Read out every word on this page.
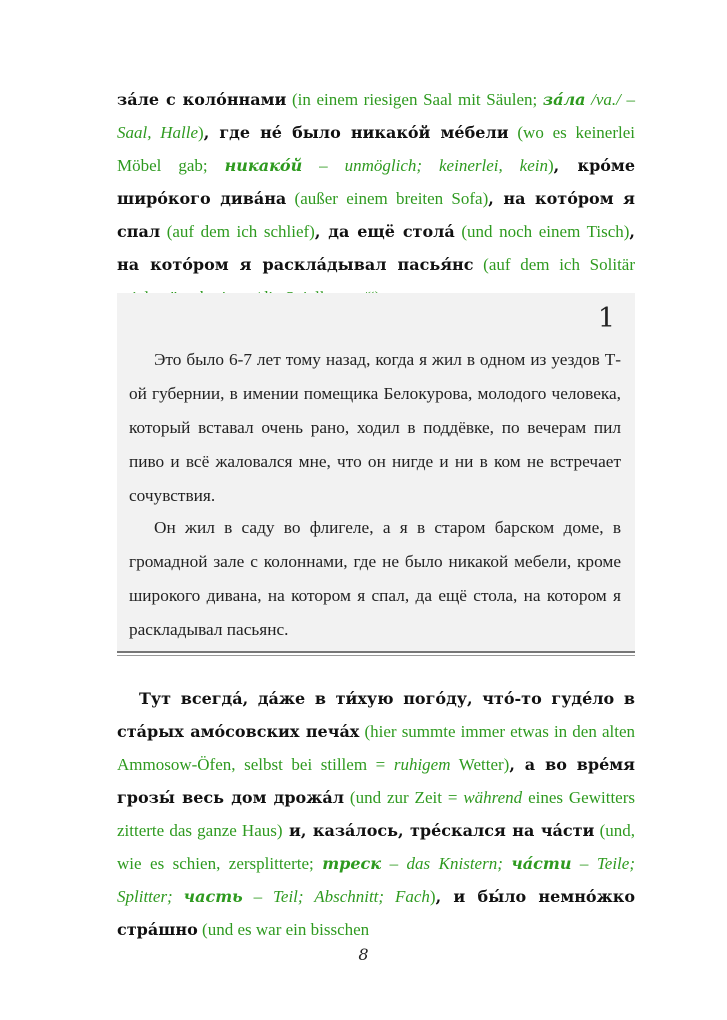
за́ле с коло́ннами (in einem riesigen Saal mit Säulen; за́ла /va./ – Saal, Halle), где не́ было никако́й ме́бели (wo es keinerlei Möbel gab; никако́й – unmöglich; keinerlei, kein), кро́ме широ́кого дива́на (außer einem breiten Sofa), на кото́ром я спал (auf dem ich schlief), да ещё стола́ (und noch einem Tisch), на кото́ром я раскла́дывал пасья́нс (auf dem ich Solitär

1

Это было 6-7 лет тому назад, когда я жил в одном из уездов Т-ой губернии, в имении помещика Белокурова, молодого человека, который вставал очень рано, ходил в поддёвке, по вечерам пил пиво и всё жаловался мне, что он нигде и ни в ком не встречает сочувствия.

Он жил в саду во флигеле, а я в старом барском доме, в громадной зале с колоннами, где не было никакой мебели, кроме широкого дивана, на котором я спал, да ещё стола, на котором я раскладывал пасьянс.

Тут всегда́, да́же в ти́хую пого́ду, что́-то гуде́ло в ста́рых амо́совских печа́х (hier summte immer etwas in den alten Ammosow-Öfen, selbst bei stillem = ruhigem Wetter), а во вре́мя грозы́ весь дом дрожа́л (und zur Zeit = während eines Gewitters zitterte das ganze Haus) и, каза́лось, тре́скался на ча́сти (und, wie es schien, zersplitterte; треск – das Knistern; ча́сти – Teile; Splitter; часть – Teil; Abschnitt; Fach), и бы́ло немно́жко стра́шно (und es war ein bisschen

8
